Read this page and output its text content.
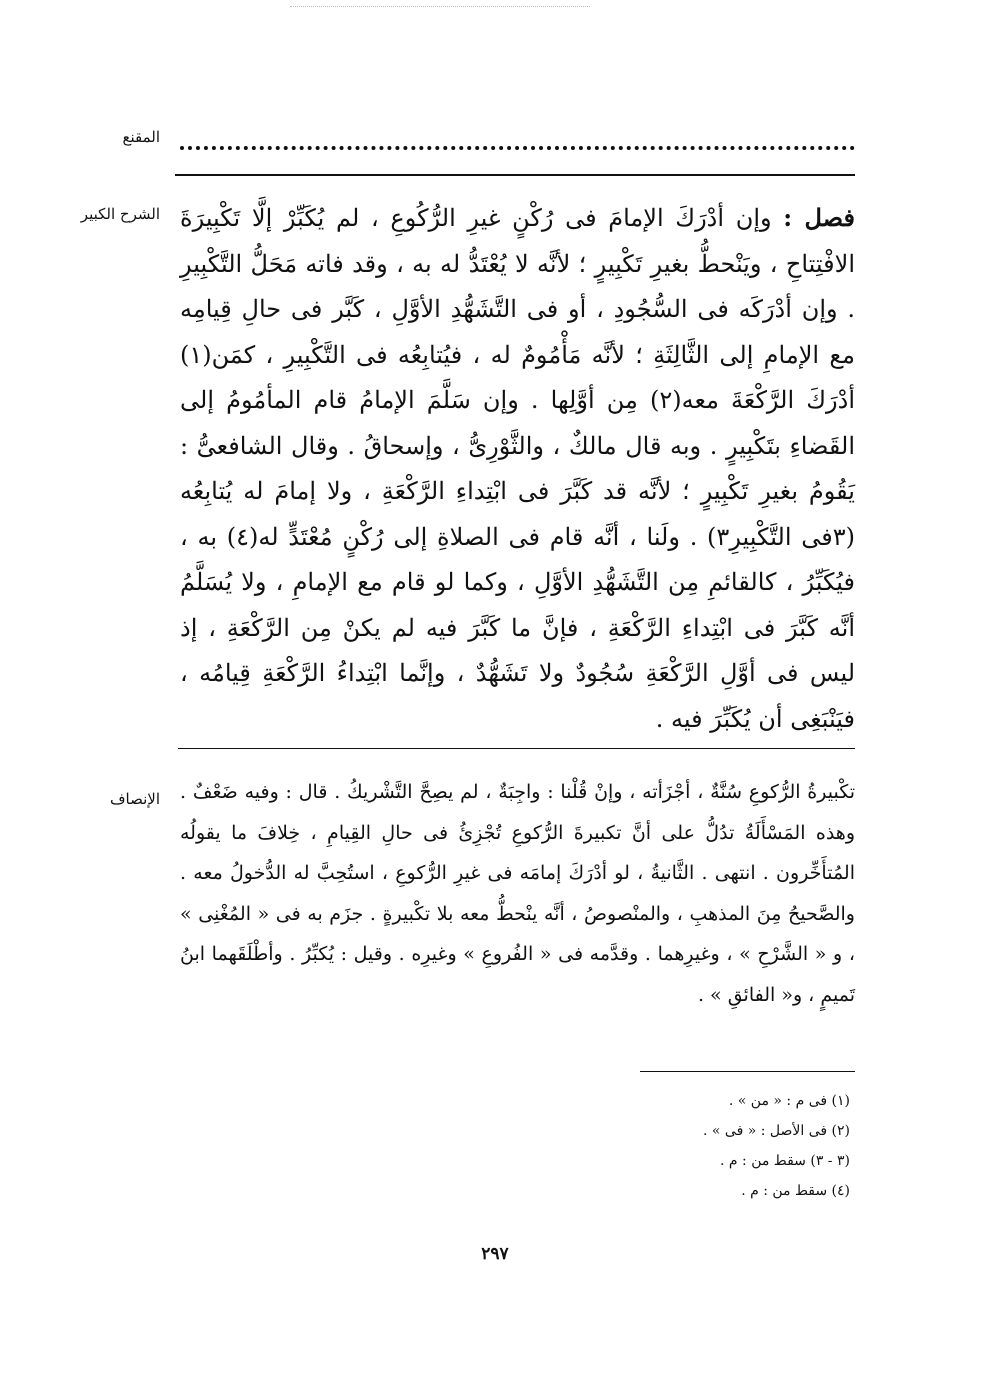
المقنع
الشرح الكبير	فصل : وإن أدْرَكَ الإمامَ فى رُكْنٍ غيرِ الرُّكُوعِ ، لم يُكَبِّرْ إلَّا تَكْبِيرَةَ الافْتِتاحِ ، ويَنْحطُّ بغيرِ تَكْبِيرٍ ؛ لأنَّه لا يُعْتَدُّ له به ، وقد فاته مَحَلُّ التَّكْبِيرِ . وإن أدْرَكَه فى السُّجُودِ ، أو فى التَّشَهُّدِ الأوَّلِ ، كَبَّر فى حالِ قِيامِه مع الإمامِ إلى الثَّالِثَةِ ؛ لأنَّه مَأْمُومٌ له ، فيُتابِعُه فى التَّكْبِيرِ ، كمَن(١) أدْرَكَ الرَّكْعَةَ معه(٢) مِن أوَّلِها . وإن سَلَّمَ الإمامُ قام المأمُومُ إلى القَضاءِ بتَكْبِيرٍ . وبه قال مالكٌ ، والثَّوْرِىُّ ، وإسحاقُ . وقال الشافعىُّ : يَقُومُ بغيرِ تَكْبِيرٍ ؛ لأنَّه قد كَبَّرَ فى ابْتِداءِ الرَّكْعَةِ ، ولا إمامَ له يُتابِعُه (٣فى التَّكْبِيرِ٣) . ولَنا ، أنَّه قام فى الصلاةِ إلى رُكْنٍ مُعْتَدٍّ له(٤) به ، فيُكَبِّرُ ، كالقائمِ مِن التَّشَهُّدِ الأوَّلِ ، وكما لو قام مع الإمامِ ، ولا يُسَلَّمُ أنَّه كَبَّرَ فى ابْتِداءِ الرَّكْعَةِ ، فإنَّ ما كَبَّرَ فيه لم يكنْ مِن الرَّكْعَةِ ، إذ ليس فى أوَّلِ الرَّكْعَةِ سُجُودٌ ولا تَشَهُّدٌ ، وإنَّما ابْتِداءُ الرَّكْعَةِ قِيامُه ، فيَنْبَغِى أن يُكَبِّرَ فيه .

الإنصاف تكْبيرةُ الرُّكوعِ سُنَّةٌ ، أجْزَأته ، وإنْ قُلْنا : واجِبَةٌ ، لم يصِحَّ التَّشْريكُ . قال : وفيه ضَعْفٌ . وهذه المَسْأَلَةُ تدُلُّ على أنَّ تكبيرةَ الرُّكوعِ تُجْزِئُ فى حالِ القِيامِ ، خِلافَ ما يقولُه المُتأَخِّرون . انتهى . الثَّانيةُ ، لو أدْرَكَ إمامَه فى غيرِ الرُّكوعِ ، استُحِبَّ له الدُّخولُ معه . والصَّحيحُ مِنَ المذهبِ ، والمنْصوصُ ، أنَّه ينْحطُّ معه بلا تكْبيرةٍ . جزَم به فى « المُغْنِى » ، و « الشَّرْحِ » ، وغيرِهما . وقدَّمه فى « الفُروعِ » وغيرِه . وقيل : يُكبِّرُ . وأطْلَقَهما ابنُ تَميمٍ ، و« الفائقِ » .

(١) فى م : « من » .
(٢) فى الأصل : « فى » .
(٣ - ٣) سقط من : م .
(٤) سقط من : م .
٢٩٧
